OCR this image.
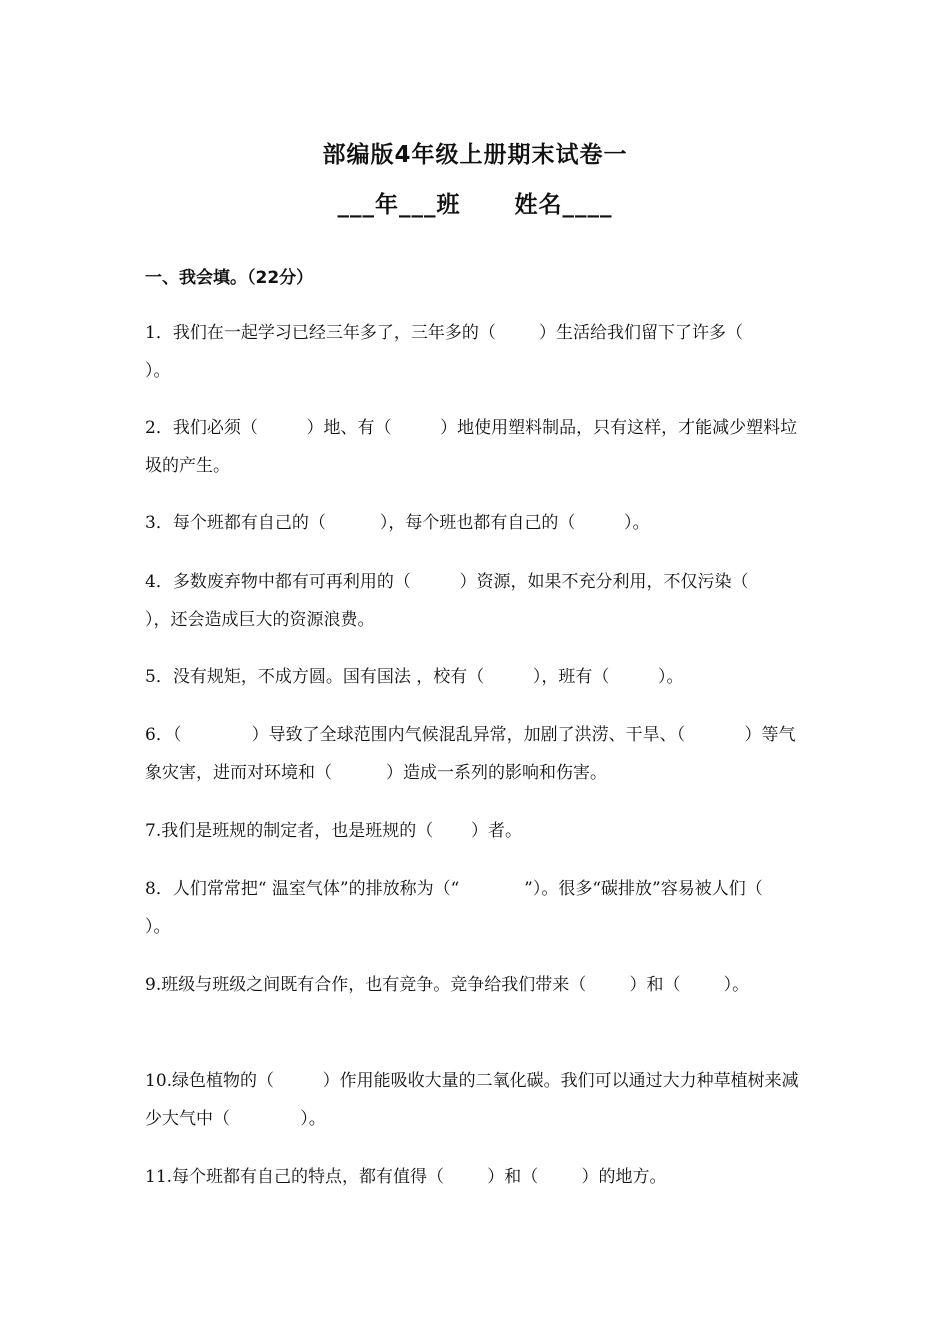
部编版4年级上册期末试卷一
___年___班      姓名____
一、我会填。（22分）

1．我们在一起学习已经三年多了，三年多的（        ）生活给我们留下了许多（              ）。

2．我们必须（         ）地、有（         ）地使用塑料制品，只有这样，才能减少塑料垃圾的产生。

3．每个班都有自己的（          ），每个班也都有自己的（         ）。

4．多数废弃物中都有可再利用的（         ）资源，如果不充分利用，不仅污染（         ），还会造成巨大的资源浪费。

5．没有规矩，不成方圆。国有国法 ，校有（         ），班有（         ）。

6．（             ）导致了全球范围内气候混乱异常，加剧了洪涝、干旱、（           ）等气象灾害，进而对环境和（          ）造成一系列的影响和伤害。

7.我们是班规的制定者，也是班规的（       ）者。

8．人们常常把“ 温室气体”的排放称为（“            ”）。很多“碳排放”容易被人们（         ）。

9.班级与班级之间既有合作，也有竞争。竞争给我们带来（        ）和（        ）。

10.绿色植物的（         ）作用能吸收大量的二氧化碳。我们可以通过大力种草植树来减少大气中（             ）。

11.每个班都有自己的特点，都有值得（        ）和（        ）的地方。
